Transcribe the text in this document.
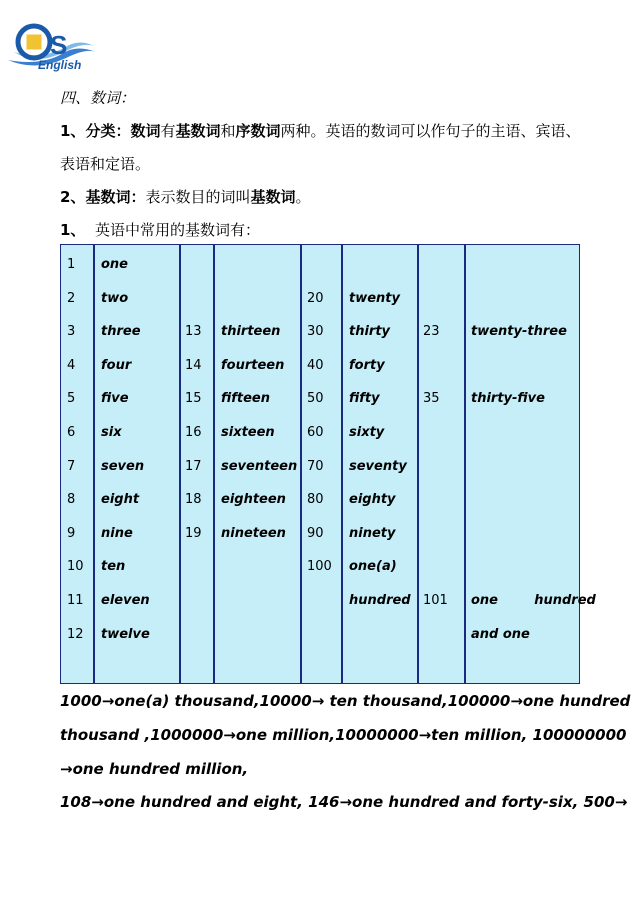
S
English
四、数词：
1、分类：数词有基数词和序数词两种。英语的数词可以作句子的主语、宾语、
表语和定语。
2、基数词：表示数目的词叫基数词。
1、 英语中常用的基数词有：
1 one
2 two
3 three
4 four
5 five
6 six
7 seven
8 eight
9 nine
10 ten
11 eleven
12 twelve
13 thirteen
14 fourteen
15 fifteen
16 sixteen
17 seventeen
18 eighteen
19 nineteen
20 twenty
30 thirty
40 forty
50 fifty
60 sixty
70 seventy
80 eighty
90 ninety
100 one(a)
hundred
23 twenty-three
35 thirty-five
101 one        hundred
and one
1000→one(a) thousand,10000→ ten thousand,100000→one hundred
thousand ,1000000→one million,10000000→ten million, 100000000
→one hundred million,
108→one hundred and eight, 146→one hundred and forty-six, 500→
